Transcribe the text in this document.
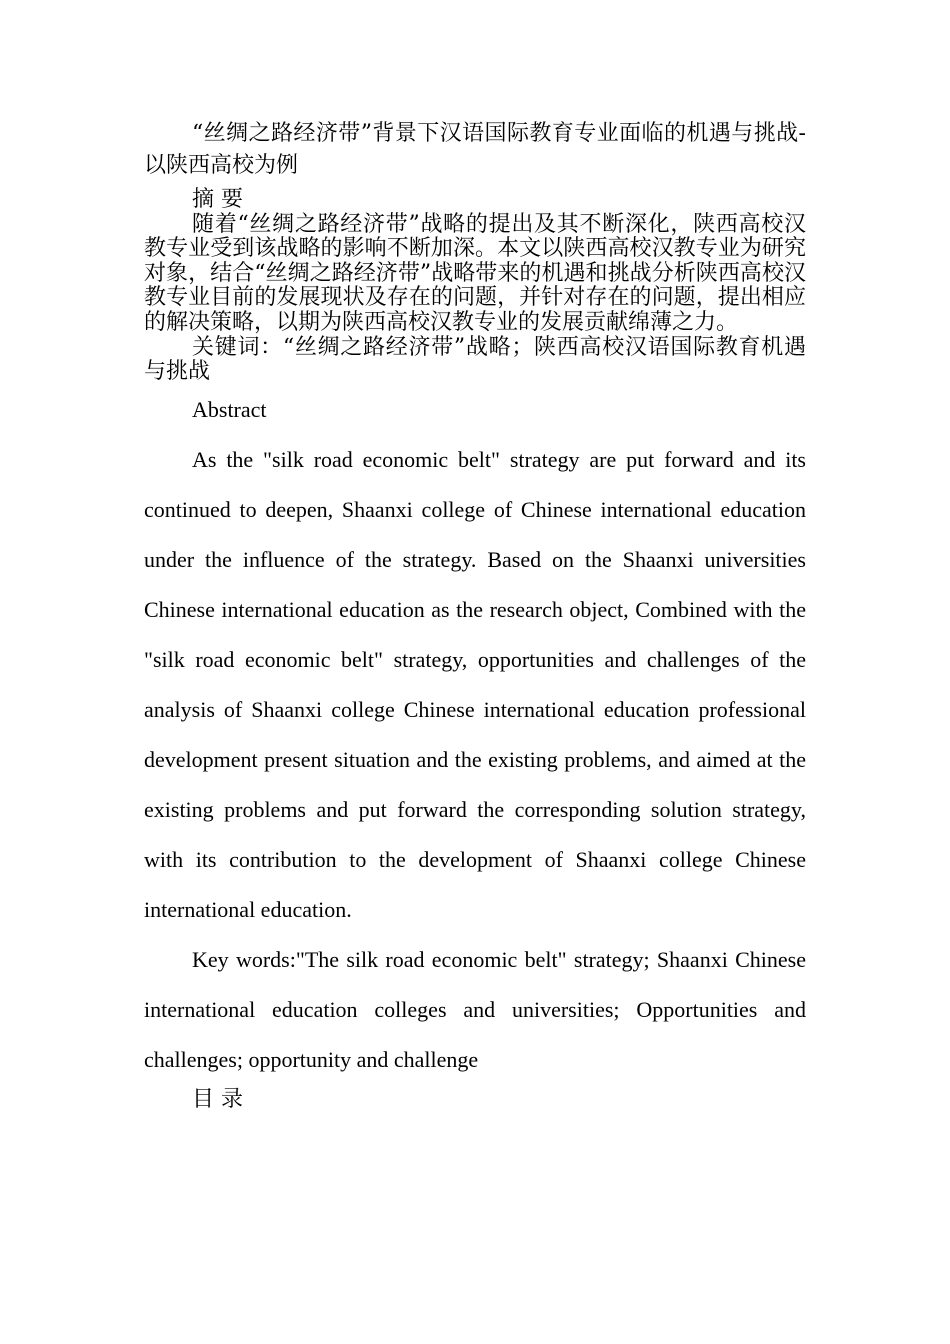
“丝绸之路经济带”背景下汉语国际教育专业面临的机遇与挑战-以陕西高校为例

摘 要

随着“丝绸之路经济带”战略的提出及其不断深化，陕西高校汉教专业受到该战略的影响不断加深。本文以陕西高校汉教专业为研究对象，结合“丝绸之路经济带”战略带来的机遇和挑战分析陕西高校汉教专业目前的发展现状及存在的问题，并针对存在的问题，提出相应的解决策略，以期为陕西高校汉教专业的发展贡献绵薄之力。

关键词：“丝绸之路经济带”战略；陕西高校汉语国际教育机遇与挑战

Abstract

As the "silk road economic belt" strategy are put forward and its continued to deepen, Shaanxi college of Chinese international education under the influence of the strategy. Based on the Shaanxi universities Chinese international education as the research object, Combined with the "silk road economic belt" strategy, opportunities and challenges of the analysis of Shaanxi college Chinese international education professional development present situation and the existing problems, and aimed at the existing problems and put forward the corresponding solution strategy, with its contribution to the development of Shaanxi college Chinese international education.

Key words:"The silk road economic belt" strategy; Shaanxi Chinese international education colleges and universities; Opportunities and challenges; opportunity and challenge

目 录
